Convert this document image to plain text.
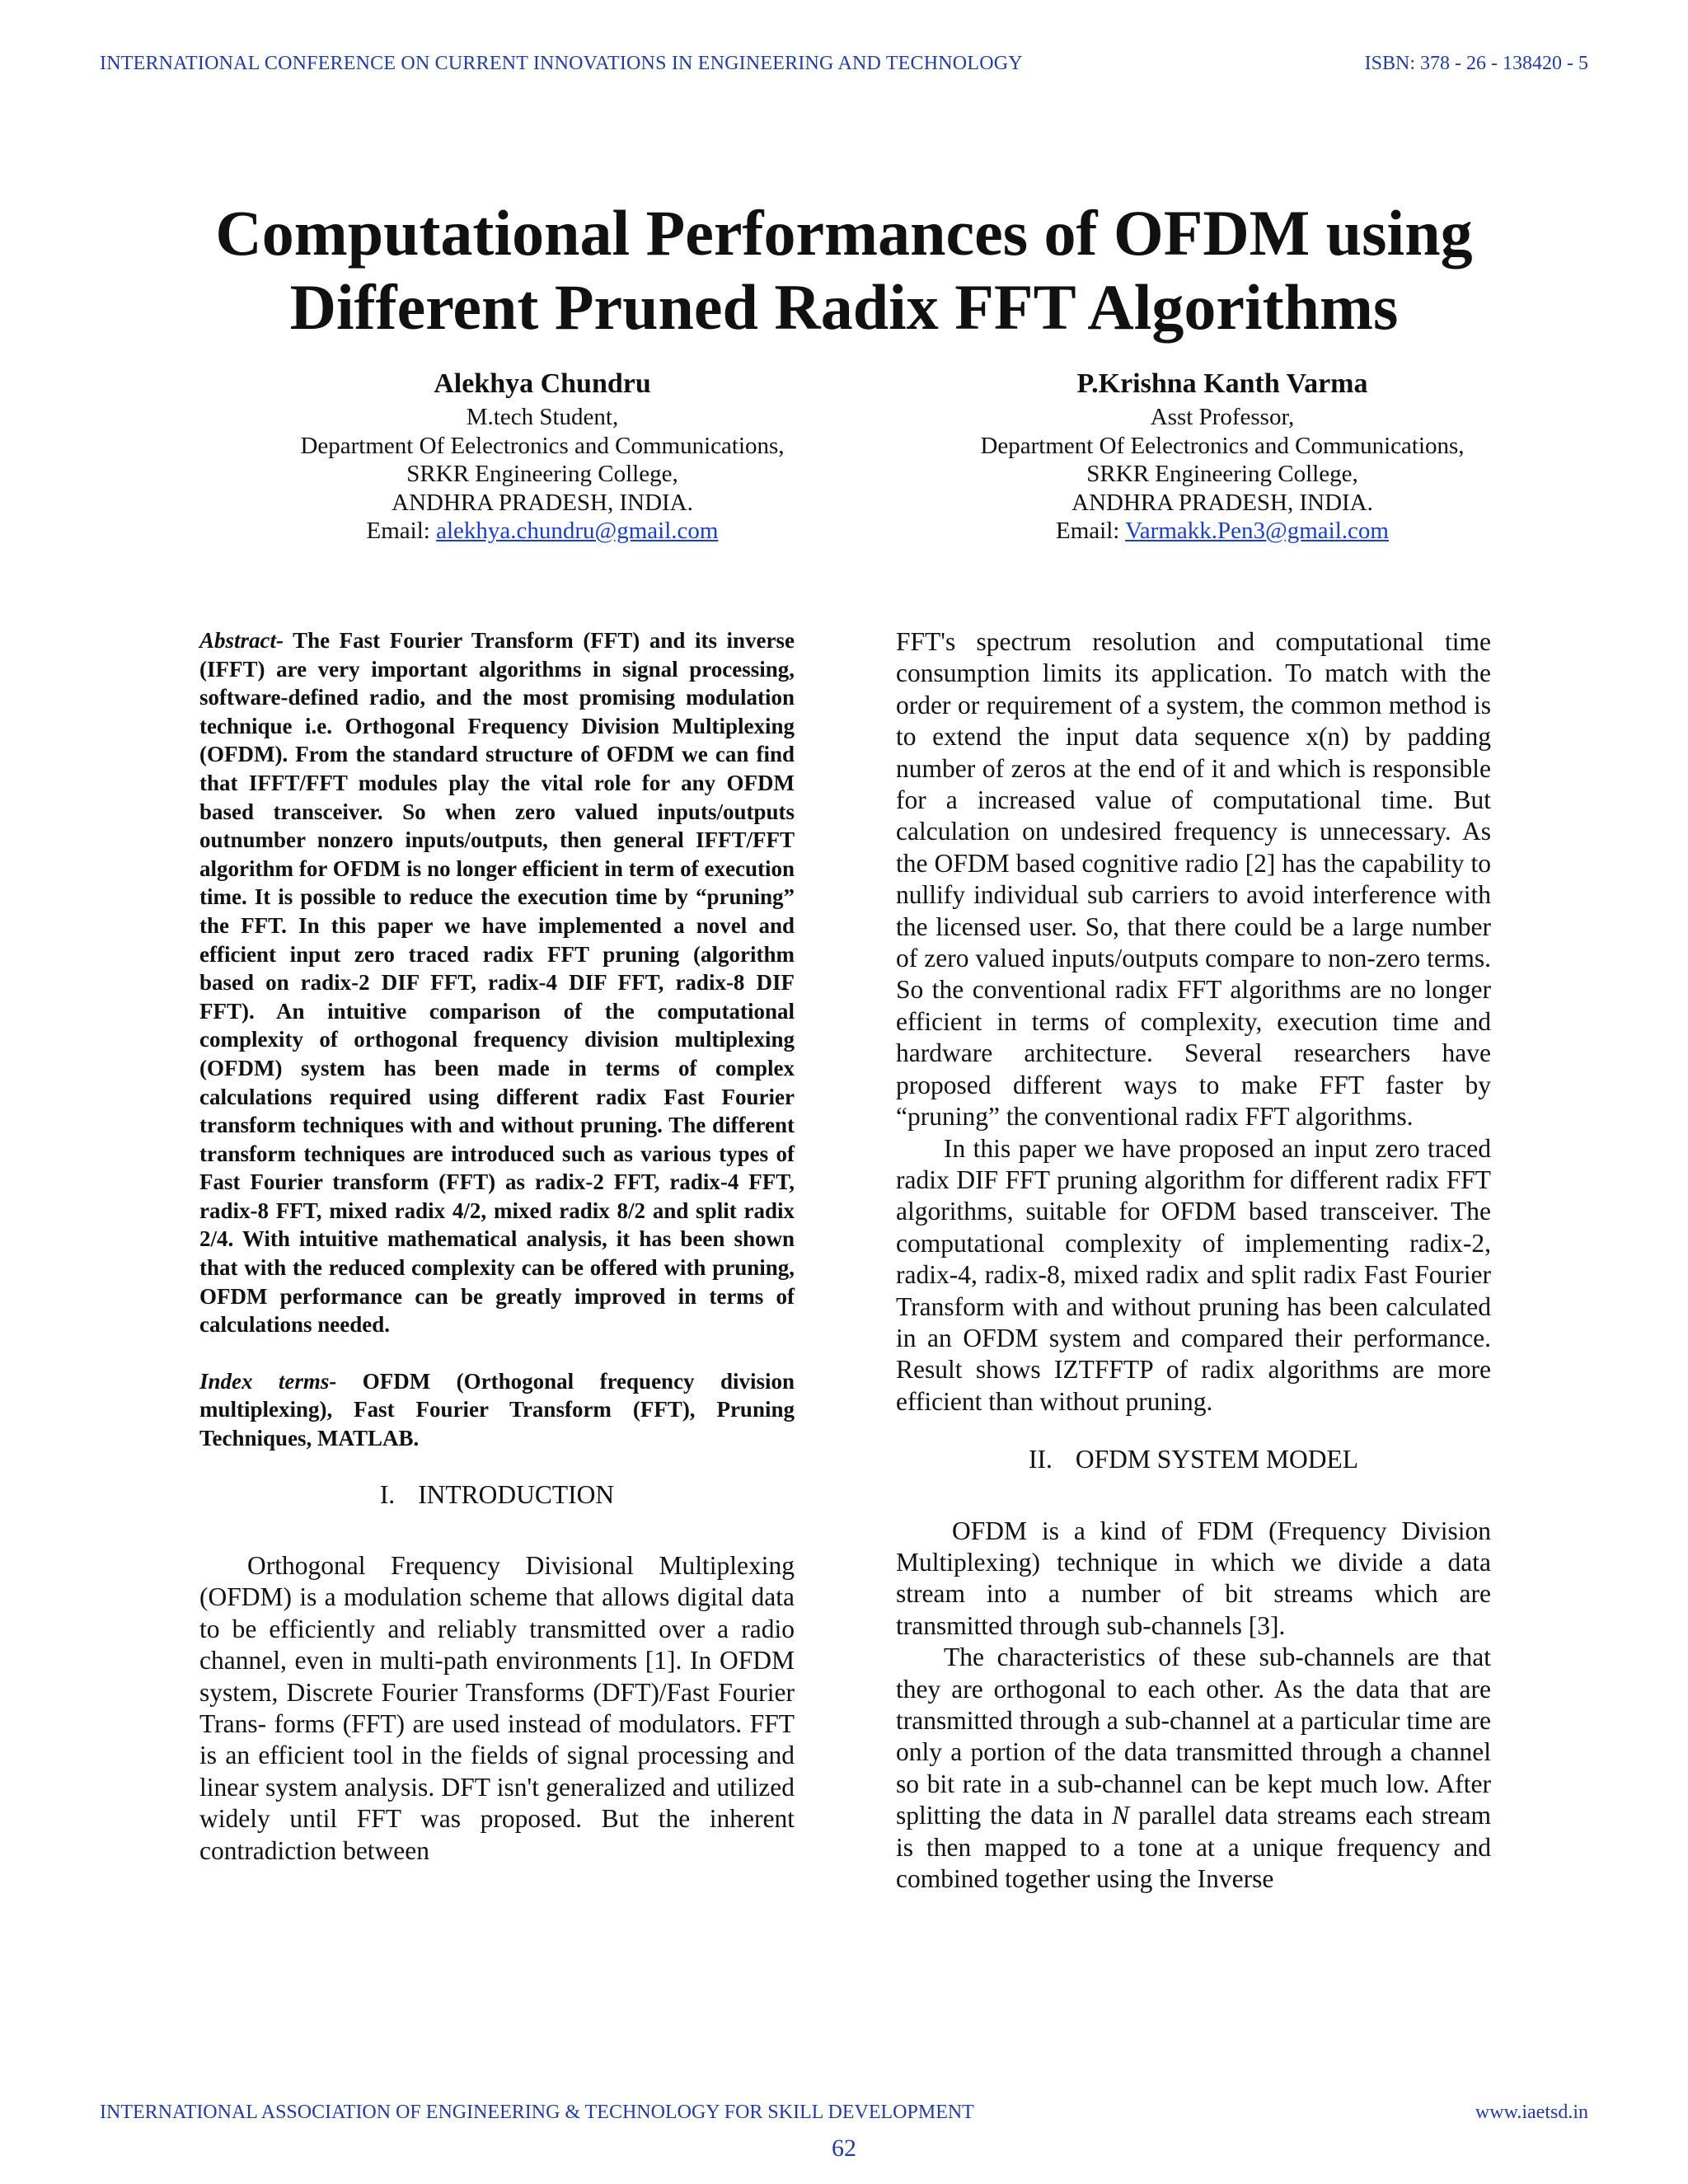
INTERNATIONAL CONFERENCE ON CURRENT INNOVATIONS IN ENGINEERING AND TECHNOLOGY	ISBN: 378 - 26 - 138420 - 5
Computational Performances of OFDM using
Different Pruned Radix FFT Algorithms
Alekhya Chundru
M.tech Student,
Department Of Eelectronics and Communications,
SRKR Engineering College,
ANDHRA PRADESH, INDIA.
Email: alekhya.chundru@gmail.com
P.Krishna Kanth Varma
Asst Professor,
Department Of Eelectronics and Communications,
SRKR Engineering College,
ANDHRA PRADESH, INDIA.
Email: Varmakk.Pen3@gmail.com

Abstract- The Fast Fourier Transform (FFT) and its inverse (IFFT) are very important algorithms in signal processing, software-defined radio, and the most promising modulation technique i.e. Orthogonal Frequency Division Multiplexing (OFDM). From the standard structure of OFDM we can find that IFFT/FFT modules play the vital role for any OFDM based transceiver. So when zero valued inputs/outputs outnumber nonzero inputs/outputs, then general IFFT/FFT algorithm for OFDM is no longer efficient in term of execution time. It is possible to reduce the execution time by “pruning” the FFT. In this paper we have implemented a novel and efficient input zero traced radix FFT pruning (algorithm based on radix-2 DIF FFT, radix-4 DIF FFT, radix-8 DIF FFT). An intuitive comparison of the computational complexity of orthogonal frequency division multiplexing (OFDM) system has been made in terms of complex calculations required using different radix Fast Fourier transform techniques with and without pruning. The different transform techniques are introduced such as various types of Fast Fourier transform (FFT) as radix-2 FFT, radix-4 FFT, radix-8 FFT, mixed radix 4/2, mixed radix 8/2 and split radix 2/4. With intuitive mathematical analysis, it has been shown that with the reduced complexity can be offered with pruning, OFDM performance can be greatly improved in terms of calculations needed.

Index terms- OFDM (Orthogonal frequency division multiplexing), Fast Fourier Transform (FFT), Pruning Techniques, MATLAB.

I. INTRODUCTION

Orthogonal Frequency Divisional Multiplexing (OFDM) is a modulation scheme that allows digital data to be efficiently and reliably transmitted over a radio channel, even in multi-path environments [1]. In OFDM system, Discrete Fourier Transforms (DFT)/Fast Fourier Trans- forms (FFT) are used instead of modulators. FFT is an efficient tool in the fields of signal processing and linear system analysis. DFT isn't generalized and utilized widely until FFT was proposed. But the inherent contradiction between

FFT's spectrum resolution and computational time consumption limits its application. To match with the order or requirement of a system, the common method is to extend the input data sequence x(n) by padding number of zeros at the end of it and which is responsible for a increased value of computational time. But calculation on undesired frequency is unnecessary. As the OFDM based cognitive radio [2] has the capability to nullify individual sub carriers to avoid interference with the licensed user. So, that there could be a large number of zero valued inputs/outputs compare to non-zero terms. So the conventional radix FFT algorithms are no longer efficient in terms of complexity, execution time and hardware architecture. Several researchers have proposed different ways to make FFT faster by “pruning” the conventional radix FFT algorithms.

In this paper we have proposed an input zero traced radix DIF FFT pruning algorithm for different radix FFT algorithms, suitable for OFDM based transceiver. The computational complexity of implementing radix-2, radix-4, radix-8, mixed radix and split radix Fast Fourier Transform with and without pruning has been calculated in an OFDM system and compared their performance. Result shows IZTFFTP of radix algorithms are more efficient than without pruning.

II. OFDM SYSTEM MODEL

OFDM is a kind of FDM (Frequency Division Multiplexing) technique in which we divide a data stream into a number of bit streams which are transmitted through sub-channels [3].

The characteristics of these sub-channels are that they are orthogonal to each other. As the data that are transmitted through a sub-channel at a particular time are only a portion of the data transmitted through a channel so bit rate in a sub-channel can be kept much low. After splitting the data in N parallel data streams each stream is then mapped to a tone at a unique frequency and combined together using the Inverse

INTERNATIONAL ASSOCIATION OF ENGINEERING & TECHNOLOGY FOR SKILL DEVELOPMENT	www.iaetsd.in
62
